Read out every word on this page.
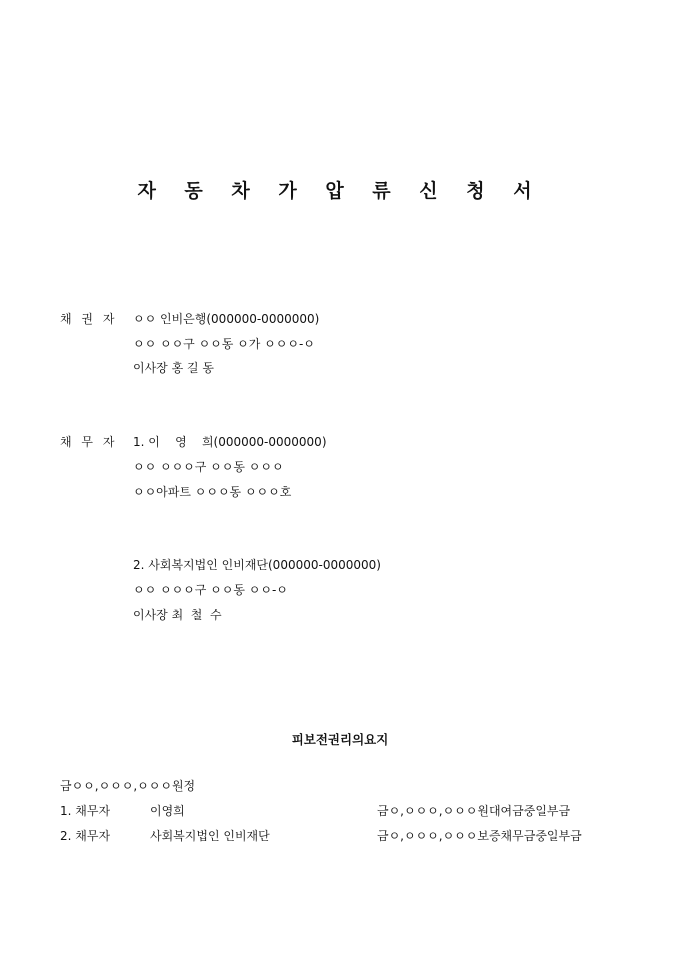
자 동 차 가 압 류 신 청 서
채 권 자 ㅇㅇ 인비은행(000000-0000000)
ㅇㅇ ㅇㅇ구 ㅇㅇ동 ㅇ가 ㅇㅇㅇ-ㅇ
이사장 홍 길 동
채 무 자 1. 이    영    희(000000-0000000)
ㅇㅇ ㅇㅇㅇ구 ㅇㅇ동 ㅇㅇㅇ
ㅇㅇ아파트 ㅇㅇㅇ동 ㅇㅇㅇ호
2. 사회복지법인 인비재단(000000-0000000)
ㅇㅇ ㅇㅇㅇ구 ㅇㅇ동 ㅇㅇ-ㅇ
이사장 최  철  수
피보전권리의요지
금ㅇㅇ,ㅇㅇㅇ,ㅇㅇㅇ원정
1. 채무자	이영희	금ㅇ,ㅇㅇㅇ,ㅇㅇㅇ원대여금중일부금
2. 채무자	사회복지법인 인비재단	금ㅇ,ㅇㅇㅇ,ㅇㅇㅇ보증채무금중일부금
